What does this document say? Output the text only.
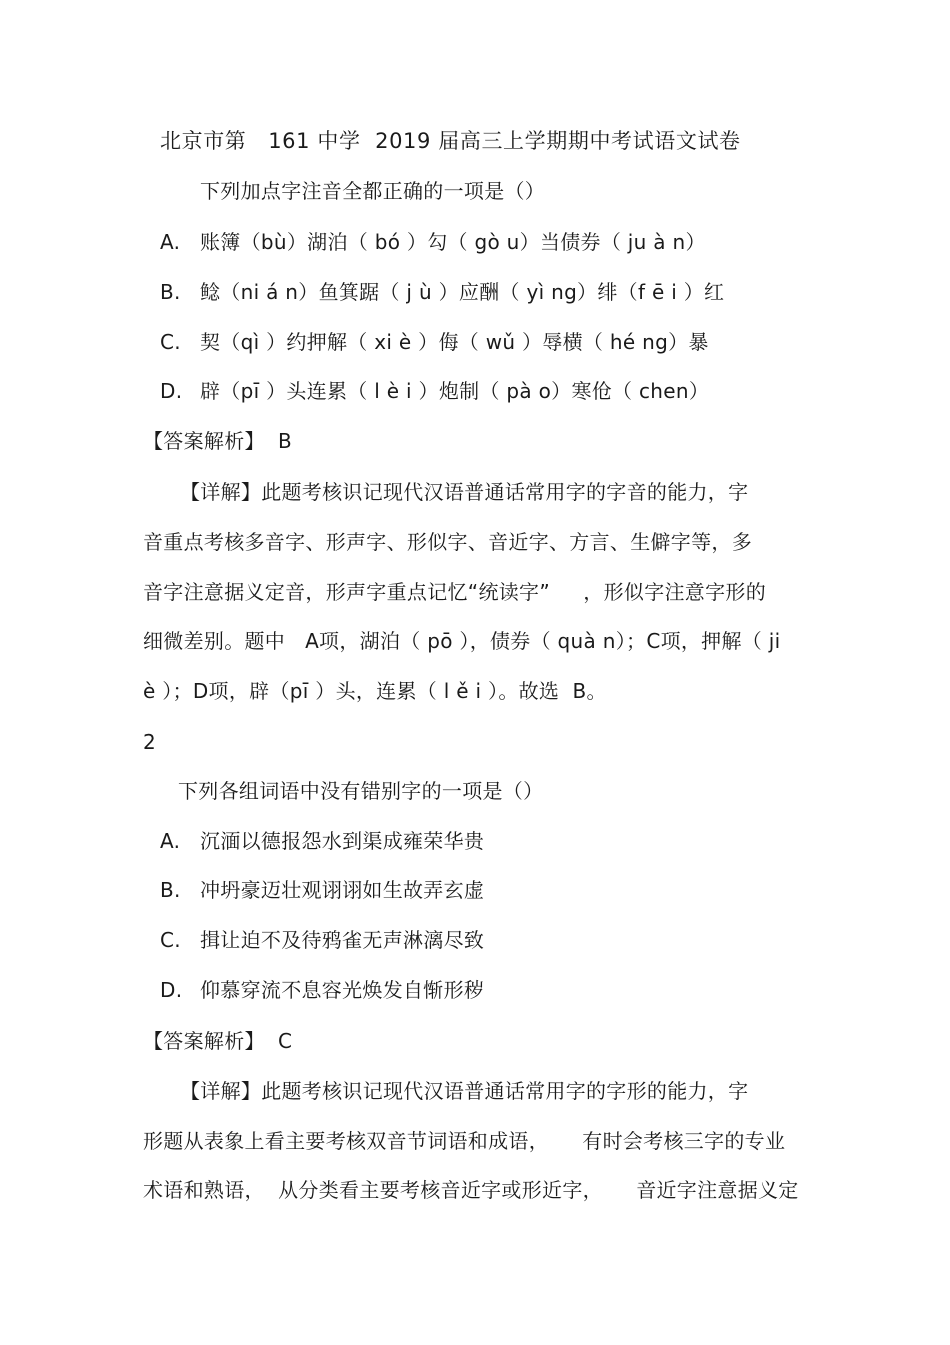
北京市第   161 中学  2019 届高三上学期期中考试语文试卷
下列加点字注音全都正确的一项是（）
A. 账簿（bù）湖泊（ bó ）勾（ gò u）当债券（ ju à n）
B. 鲶（ni á n）鱼箕踞（ j ù ）应酬（ yì ng）绯（f ē i ）红
C. 契（qì ）约押解（ xi è ）侮（ wǔ ）辱横（ hé ng）暴
D. 辟（pī ）头连累（ l è i ）炮制（ pà o）寒伧（ chen）
【答案解析】 B
【详解】此题考核识记现代汉语普通话常用字的字音的能力，字
音重点考核多音字、形声字、形似字、音近字、方言、生僻字等，多
音字注意据义定音，形声字重点记忆“统读字”     ，形似字注意字形的
细微差别。题中   A项，湖泊（ pō ），债券（ quà n）；C项，押解（ ji
è ）；D项，辟（pī ）头，连累（ l ě i ）。故选  B。
2
下列各组词语中没有错别字的一项是（）
A. 沉湎以德报怨水到渠成雍荣华贵
B. 冲坍豪迈壮观诩诩如生故弄玄虚
C. 揖让迫不及待鸦雀无声淋漓尽致
D. 仰慕穿流不息容光焕发自惭形秽
【答案解析】 C
【详解】此题考核识记现代汉语普通话常用字的字形的能力，字
形题从表象上看主要考核双音节词语和成语，     有时会考核三字的专业
术语和熟语，  从分类看主要考核音近字或形近字，     音近字注意据义定
